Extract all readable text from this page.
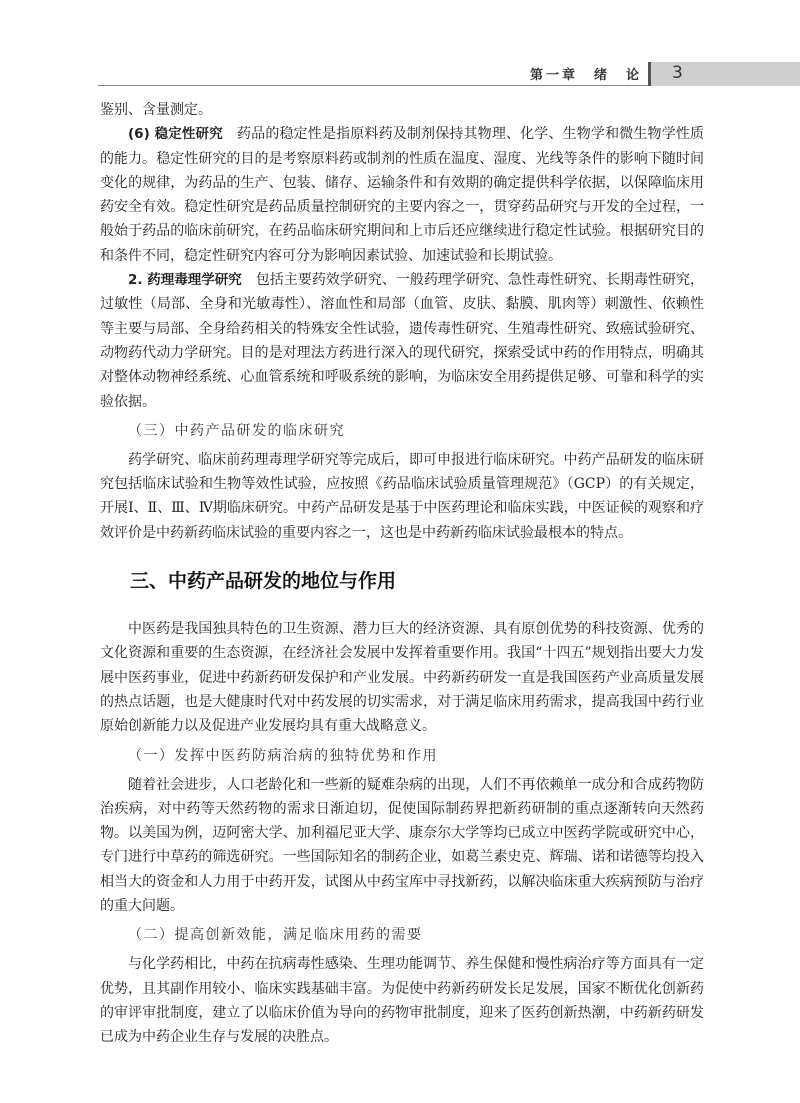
第一章　绪　论 3

鉴别、含量测定。

(6) 稳定性研究　 药品的稳定性是指原料药及制剂保持其物理、化学、生物学和微生物学性质的能力。稳定性研究的目的是考察原料药或制剂的性质在温度、湿度、光线等条件的影响下随时间变化的规律，为药品的生产、包装、储存、运输条件和有效期的确定提供科学依据，以保障临床用药安全有效。稳定性研究是药品质量控制研究的主要内容之一，贯穿药品研究与开发的全过程，一般始于药品的临床前研究，在药品临床研究期间和上市后还应继续进行稳定性试验。根据研究目的和条件不同，稳定性研究内容可分为影响因素试验、加速试验和长期试验。

2. 药理毒理学研究　 包括主要药效学研究、一般药理学研究、急性毒性研究、长期毒性研究，过敏性（局部、全身和光敏毒性）、溶血性和局部（血管、皮肤、黏膜、肌肉等）刺激性、依赖性等主要与局部、全身给药相关的特殊安全性试验，遗传毒性研究、生殖毒性研究、致癌试验研究、动物药代动力学研究。目的是对理法方药进行深入的现代研究，探索受试中药的作用特点，明确其对整体动物神经系统、心血管系统和呼吸系统的影响，为临床安全用药提供足够、可靠和科学的实验依据。

（三）中药产品研发的临床研究

药学研究、临床前药理毒理学研究等完成后，即可申报进行临床研究。中药产品研发的临床研究包括临床试验和生物等效性试验，应按照《药品临床试验质量管理规范》（GCP）的有关规定，开展Ⅰ、Ⅱ、Ⅲ、Ⅳ期临床研究。中药产品研发是基于中医药理论和临床实践，中医证候的观察和疗效评价是中药新药临床试验的重要内容之一，这也是中药新药临床试验最根本的特点。

三、中药产品研发的地位与作用

中医药是我国独具特色的卫生资源、潜力巨大的经济资源、具有原创优势的科技资源、优秀的文化资源和重要的生态资源，在经济社会发展中发挥着重要作用。我国“十四五”规划指出要大力发展中医药事业，促进中药新药研发保护和产业发展。中药新药研发一直是我国医药产业高质量发展的热点话题，也是大健康时代对中药发展的切实需求，对于满足临床用药需求，提高我国中药行业原始创新能力以及促进产业发展均具有重大战略意义。

（一）发挥中医药防病治病的独特优势和作用

随着社会进步，人口老龄化和一些新的疑难杂病的出现，人们不再依赖单一成分和合成药物防治疾病，对中药等天然药物的需求日渐迫切，促使国际制药界把新药研制的重点逐渐转向天然药物。以美国为例，迈阿密大学、加利福尼亚大学、康奈尔大学等均已成立中医药学院或研究中心，专门进行中草药的筛选研究。一些国际知名的制药企业，如葛兰素史克、辉瑞、诺和诺德等均投入相当大的资金和人力用于中药开发，试图从中药宝库中寻找新药，以解决临床重大疾病预防与治疗的重大问题。

（二）提高创新效能，满足临床用药的需要

与化学药相比，中药在抗病毒性感染、生理功能调节、养生保健和慢性病治疗等方面具有一定优势，且其副作用较小、临床实践基础丰富。为促使中药新药研发长足发展，国家不断优化创新药的审评审批制度，建立了以临床价值为导向的药物审批制度，迎来了医药创新热潮，中药新药研发已成为中药企业生存与发展的决胜点。
